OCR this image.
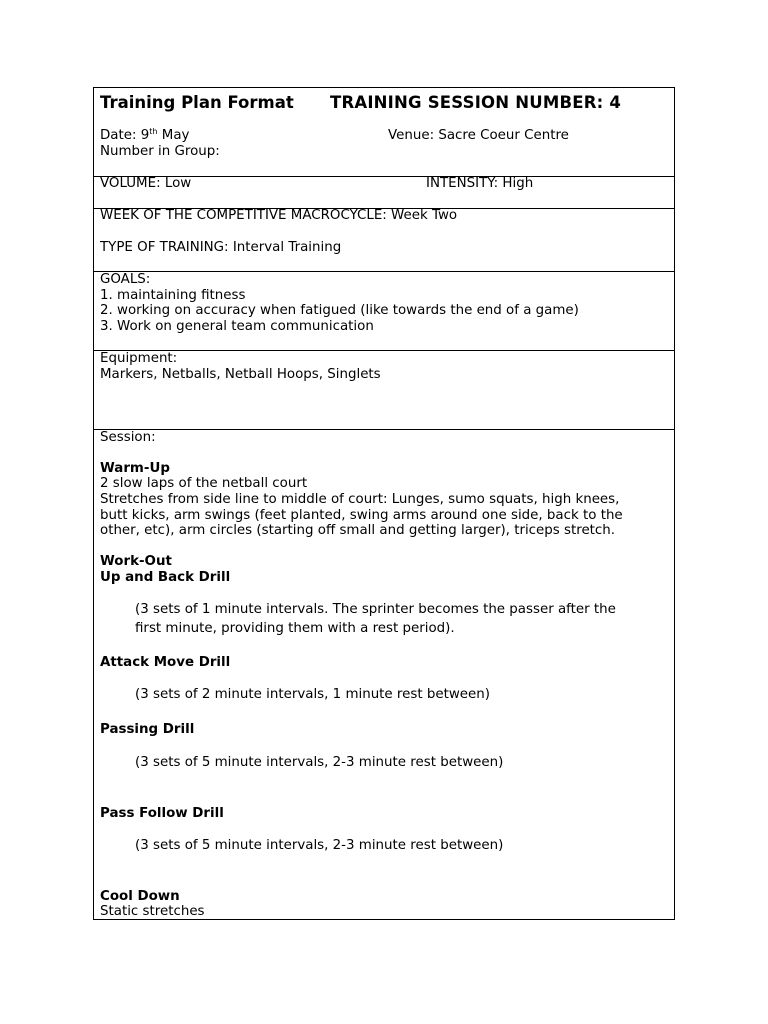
Training Plan Format TRAINING SESSION NUMBER: 4
Date: 9th May	Venue: Sacre Coeur Centre
Number in Group:
VOLUME: Low	INTENSITY: High
WEEK OF THE COMPETITIVE MACROCYCLE: Week Two
TYPE OF TRAINING: Interval Training
GOALS:
1. maintaining fitness
2. working on accuracy when fatigued (like towards the end of a game)
3. Work on general team communication
Equipment:
Markers, Netballs, Netball Hoops, Singlets
Session:
Warm-Up
2 slow laps of the netball court
Stretches from side line to middle of court: Lunges, sumo squats, high knees,
butt kicks, arm swings (feet planted, swing arms around one side, back to the
other, etc), arm circles (starting off small and getting larger), triceps stretch.
Work-Out
Up and Back Drill
(3 sets of 1 minute intervals. The sprinter becomes the passer after the
first minute, providing them with a rest period).
Attack Move Drill
(3 sets of 2 minute intervals, 1 minute rest between)
Passing Drill
(3 sets of 5 minute intervals, 2-3 minute rest between)
Pass Follow Drill
(3 sets of 5 minute intervals, 2-3 minute rest between)
Cool Down
Static stretches
